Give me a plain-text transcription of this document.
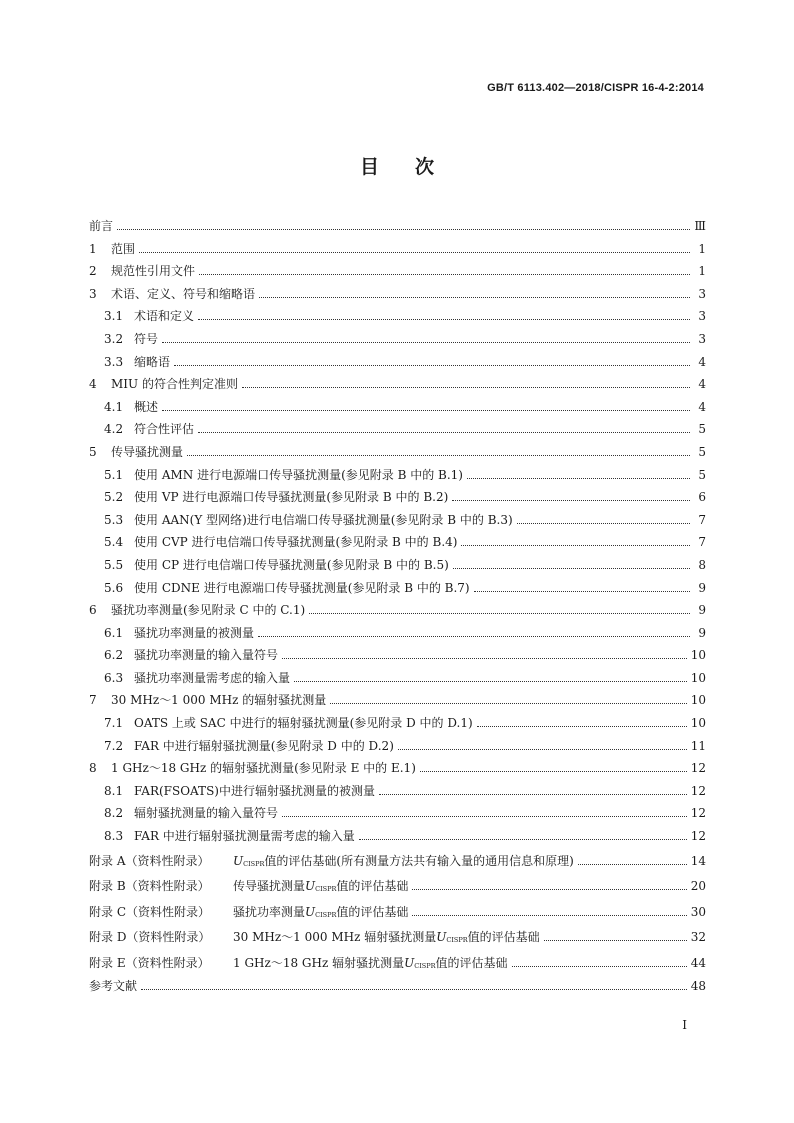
GB/T 6113.402—2018/CISPR 16-4-2:2014
目 次
前言	Ⅲ
1	范围	1
2	规范性引用文件	1
3	术语、定义、符号和缩略语	3
3.1 术语和定义	3
3.2 符号	3
3.3 缩略语	4
4	MIU 的符合性判定准则	4
4.1 概述	4
4.2 符合性评估	5
5	传导骚扰测量	5
5.1 使用 AMN 进行电源端口传导骚扰测量(参见附录 B 中的 B.1)	5
5.2 使用 VP 进行电源端口传导骚扰测量(参见附录 B 中的 B.2)	6
5.3 使用 AAN(Y 型网络)进行电信端口传导骚扰测量(参见附录 B 中的 B.3)	7
5.4 使用 CVP 进行电信端口传导骚扰测量(参见附录 B 中的 B.4)	7
5.5 使用 CP 进行电信端口传导骚扰测量(参见附录 B 中的 B.5)	8
5.6 使用 CDNE 进行电源端口传导骚扰测量(参见附录 B 中的 B.7)	9
6	骚扰功率测量(参见附录 C 中的 C.1)	9
6.1 骚扰功率测量的被测量	9
6.2 骚扰功率测量的输入量符号	10
6.3 骚扰功率测量需考虑的输入量	10
7	30 MHz～1 000 MHz 的辐射骚扰测量	10
7.1 OATS 上或 SAC 中进行的辐射骚扰测量(参见附录 D 中的 D.1)	10
7.2 FAR 中进行辐射骚扰测量(参见附录 D 中的 D.2)	11
8	1 GHz～18 GHz 的辐射骚扰测量(参见附录 E 中的 E.1)	12
8.1 FAR(FSOATS)中进行辐射骚扰测量的被测量	12
8.2 辐射骚扰测量的输入量符号	12
8.3 FAR 中进行辐射骚扰测量需考虑的输入量	12
附录 A（资料性附录）	UCISPR值的评估基础(所有测量方法共有输入量的通用信息和原理)	14
附录 B（资料性附录）	传导骚扰测量UCISPR值的评估基础	20
附录 C（资料性附录）	骚扰功率测量UCISPR值的评估基础	30
附录 D（资料性附录）	30 MHz～1 000 MHz 辐射骚扰测量UCISPR值的评估基础	32
附录 E（资料性附录）	1 GHz～18 GHz 辐射骚扰测量UCISPR值的评估基础	44
参考文献	48
I
